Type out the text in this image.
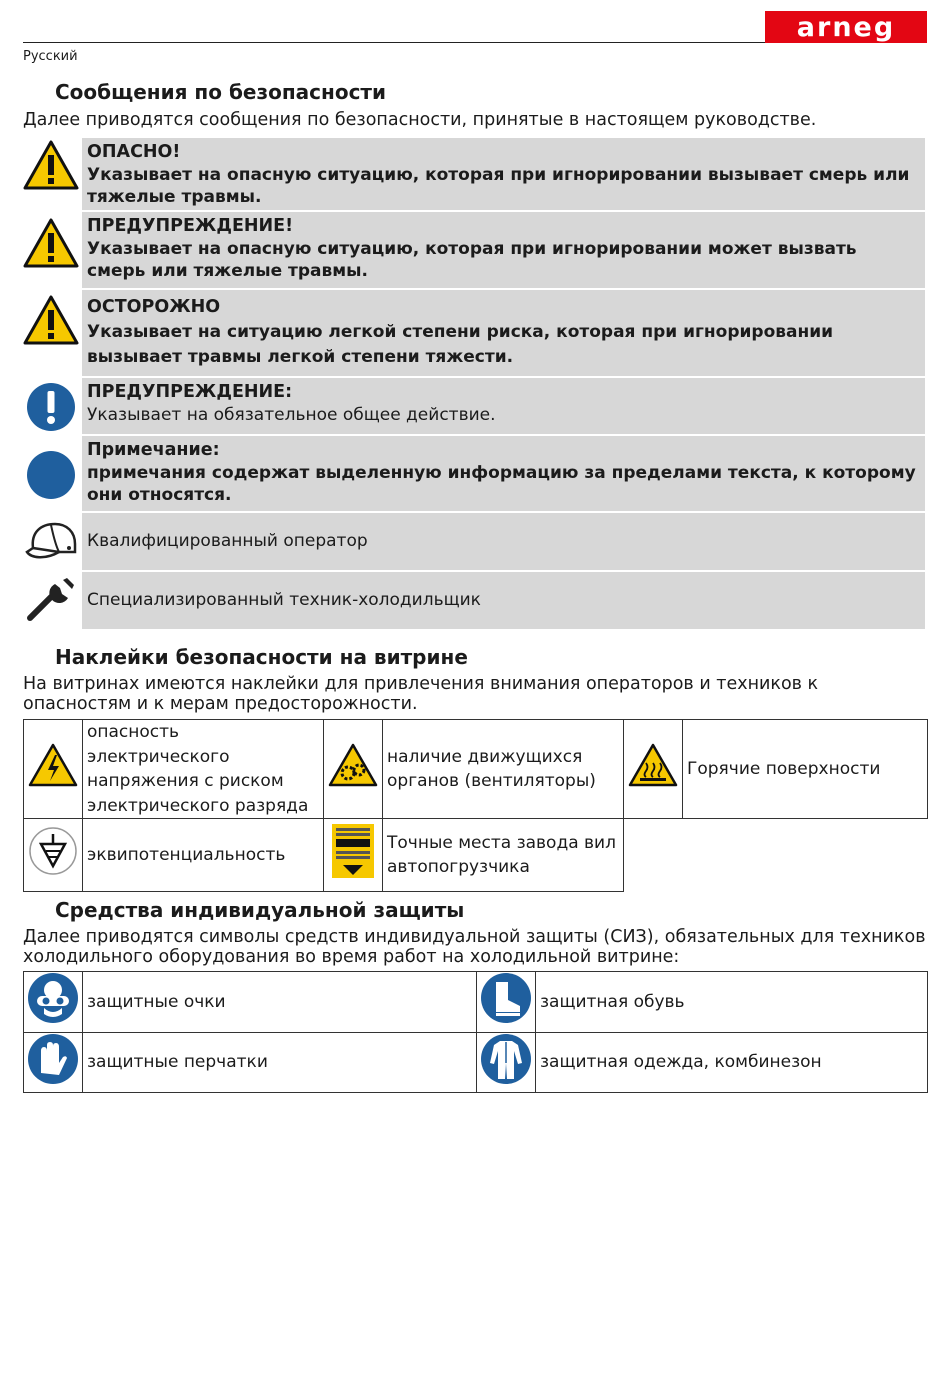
arneg
Русский
Сообщения по безопасности

Далее приводятся сообщения по безопасности, принятые в настоящем руководстве.

ОПАСНО!
Указывает на опасную ситуацию, которая при игнорировании вызывает смерь или тяжелые травмы.
ПРЕДУПРЕЖДЕНИЕ!
Указывает на опасную ситуацию, которая при игнорировании может вызвать смерь или тяжелые травмы.
ОСТОРОЖНО
Указывает на ситуацию легкой степени риска, которая при игнорировании вызывает травмы легкой степени тяжести.
ПРЕДУПРЕЖДЕНИЕ:
Указывает на обязательное общее действие.
Примечание:
примечания содержат выделенную информацию за пределами текста, к которому они относятся.
Квалифицированный оператор
Специализированный техник-холодильщик
Наклейки безопасности на витрине

На витринах имеются наклейки для привлечения внимания операторов и техников к опасностям и к мерам предосторожности.

	опасность электрического напряжения с риском электрического разряда		наличие движущихся органов (вентиляторы)		Горячие поверхности
	эквипотенциальность		Точные места завода вил автопогрузчика		
Средства индивидуальной защиты

Далее приводятся символы средств индивидуальной защиты (СИЗ), обязательных для техников холодильного оборудования во время работ на холодильной витрине:

	защитные очки		защитная обувь
	защитные перчатки		защитная одежда, комбинезон
